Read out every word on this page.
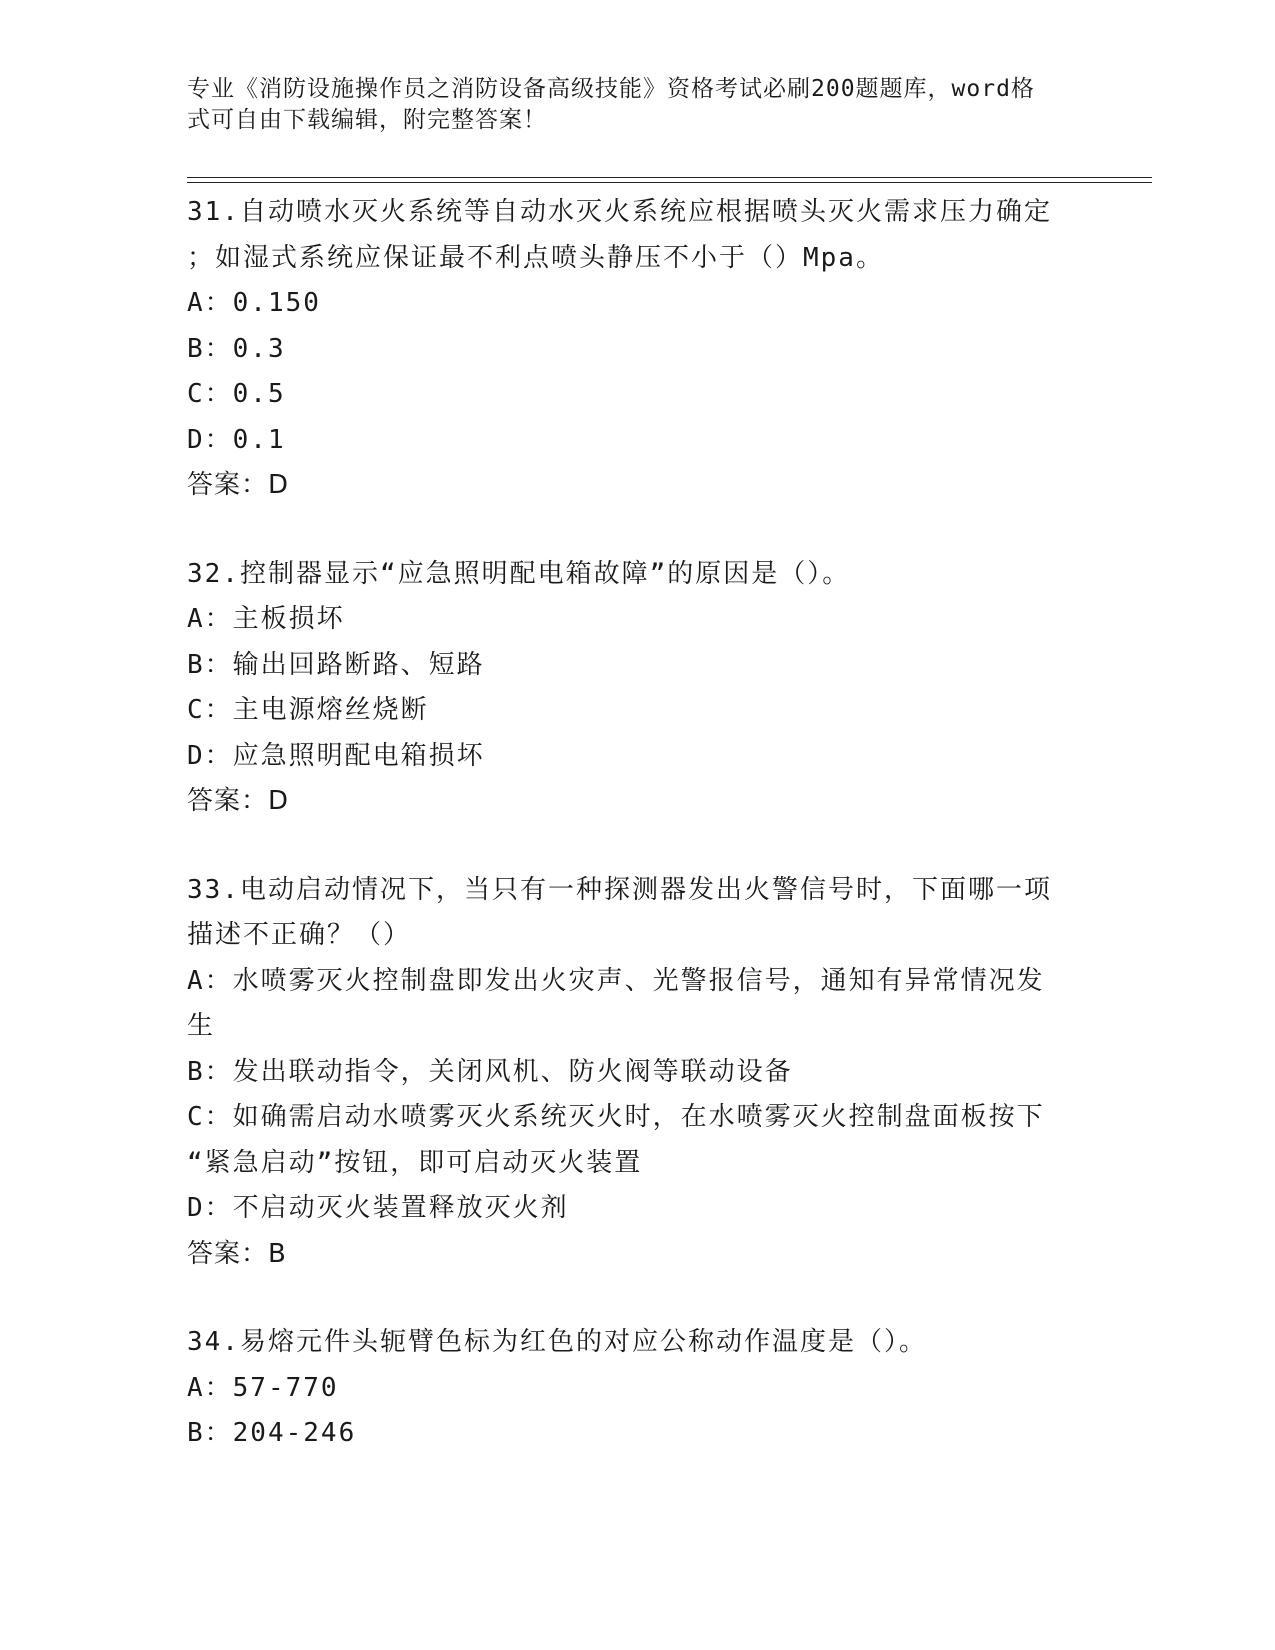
专业《消防设施操作员之消防设备高级技能》资格考试必刷200题题库，word格
式可自由下载编辑，附完整答案！
31.自动喷水灭火系统等自动水灭火系统应根据喷头灭火需求压力确定
；如湿式系统应保证最不利点喷头静压不小于（）Mpa。
A：0.150
B：0.3
C：0.5
D：0.1
答案：D
32.控制器显示“应急照明配电箱故障”的原因是（）。
A：主板损坏
B：输出回路断路、短路
C：主电源熔丝烧断
D：应急照明配电箱损坏
答案：D
33.电动启动情况下，当只有一种探测器发出火警信号时，下面哪一项
描述不正确？（）
A：水喷雾灭火控制盘即发出火灾声、光警报信号，通知有异常情况发
生
B：发出联动指令，关闭风机、防火阀等联动设备
C：如确需启动水喷雾灭火系统灭火时，在水喷雾灭火控制盘面板按下
“紧急启动”按钮，即可启动灭火装置
D：不启动灭火装置释放灭火剂
答案：B
34.易熔元件头轭臂色标为红色的对应公称动作温度是（）。
A：57-770
B：204-246
